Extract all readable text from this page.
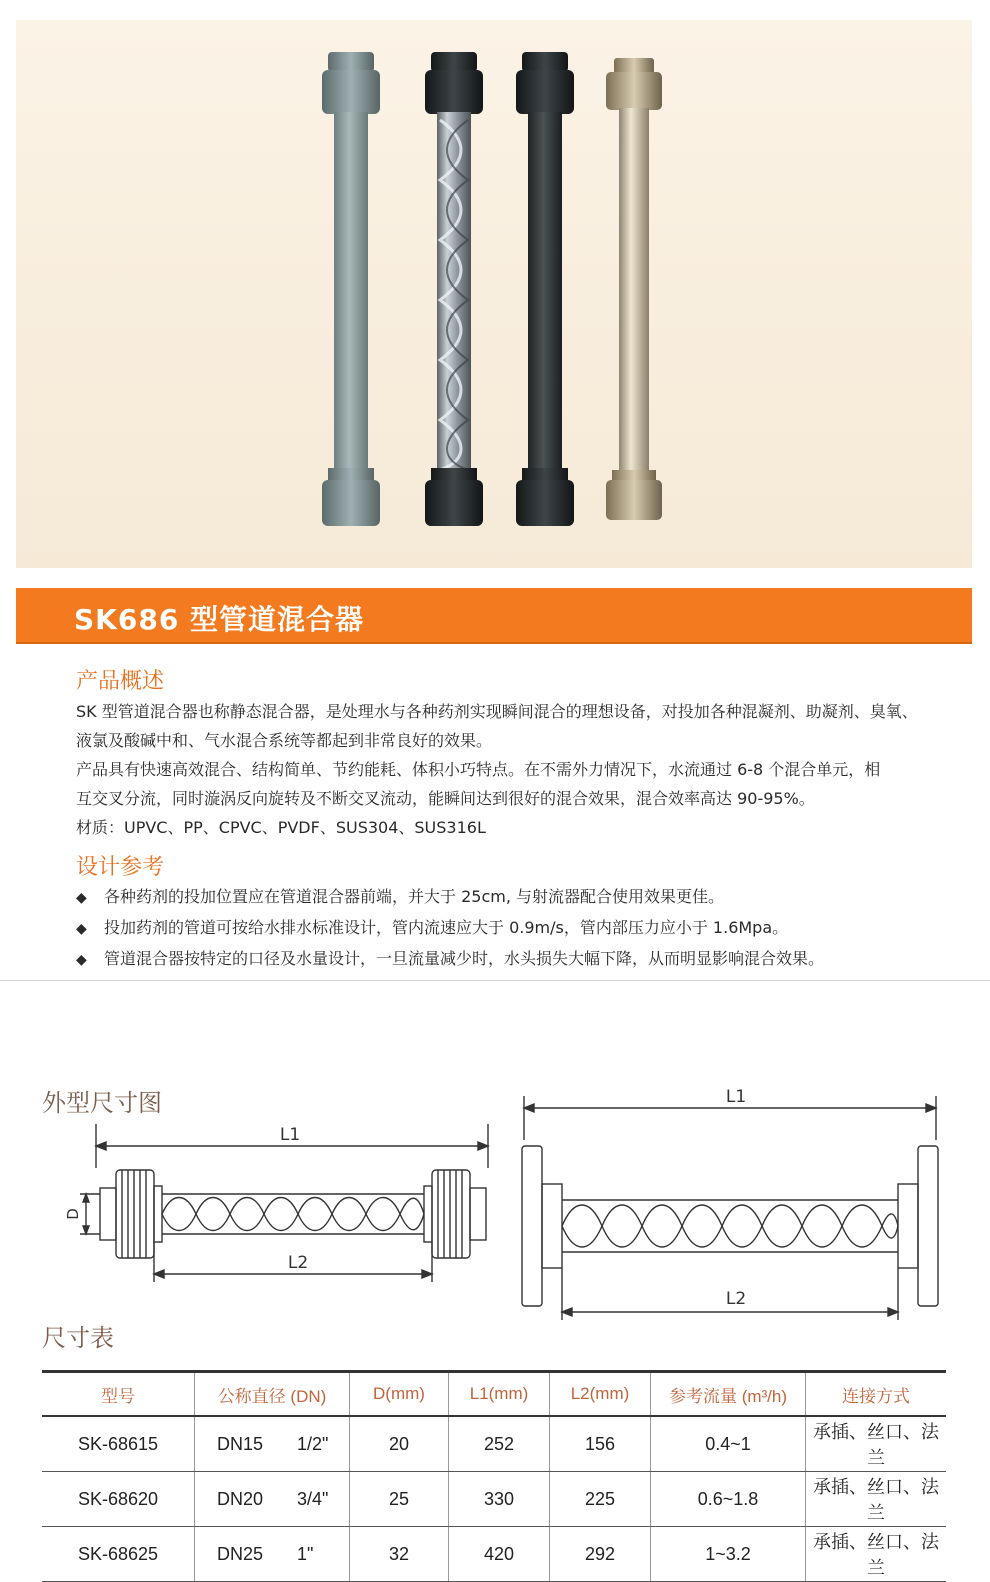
SK686 型管道混合器
产品概述
SK 型管道混合器也称静态混合器，是处理水与各种药剂实现瞬间混合的理想设备，对投加各种混凝剂、助凝剂、臭氧、
液氯及酸碱中和、气水混合系统等都起到非常良好的效果。
产品具有快速高效混合、结构简单、节约能耗、体积小巧特点。在不需外力情况下，水流通过 6-8 个混合单元，相
互交叉分流，同时漩涡反向旋转及不断交叉流动，能瞬间达到很好的混合效果，混合效率高达 90-95%。
材质：UPVC、PP、CPVC、PVDF、SUS304、SUS316L
设计参考
◆ 各种药剂的投加位置应在管道混合器前端，并大于 25cm, 与射流器配合使用效果更佳。
◆ 投加药剂的管道可按给水排水标准设计，管内流速应大于 0.9m/s，管内部压力应小于 1.6Mpa。
◆ 管道混合器按特定的口径及水量设计，一旦流量减少时，水头损失大幅下降，从而明显影响混合效果。
外型尺寸图
L1
L2
D
L1
L2
尺寸表
型号	公称直径 (DN)	D(mm)	L1(mm)	L2(mm)	参考流量 (m³/h)	连接方式
SK-68615	DN15 1/2"	20	252	156	0.4~1	承插、丝口、法兰
SK-68620	DN20 3/4"	25	330	225	0.6~1.8	承插、丝口、法兰
SK-68625	DN25 1"	32	420	292	1~3.2	承插、丝口、法兰
